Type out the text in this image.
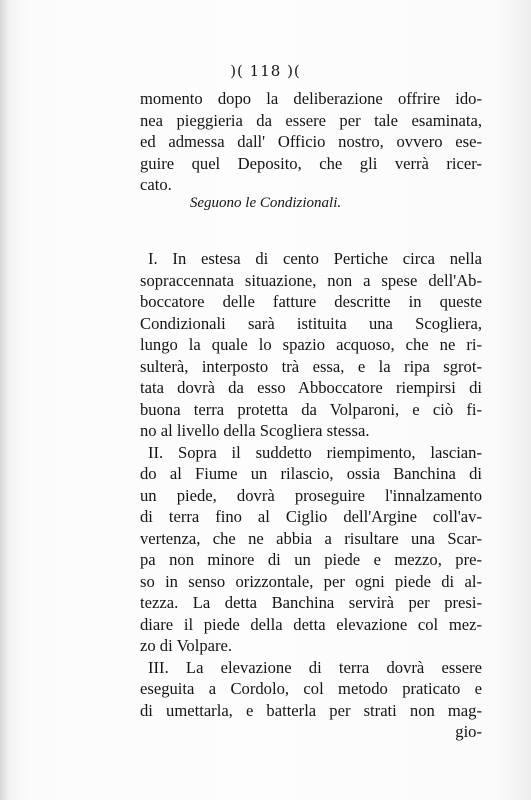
)( 118 )(
momento dopo la deliberazione offrire ido-
nea pieggieria da essere per tale esaminata,
ed admessa dall' Officio nostro, ovvero ese-
guire quel Deposito, che gli verrà ricer-
cato.
Seguono le Condizionali.
I. In estesa di cento Pertiche circa nella
sopraccennata situazione, non a spese dell'Ab-
boccatore delle fatture descritte in queste
Condizionali sarà istituita una Scogliera,
lungo la quale lo spazio acquoso, che ne ri-
sulterà, interposto trà essa, e la ripa sgrot-
tata dovrà da esso Abboccatore riempirsi di
buona terra protetta da Volparoni, e ciò fi-
no al livello della Scogliera stessa.
II. Sopra il suddetto riempimento, lascian-
do al Fiume un rilascio, ossia Banchina di
un piede, dovrà proseguire l'innalzamento
di terra fino al Ciglio dell'Argine coll'av-
vertenza, che ne abbia a risultare una Scar-
pa non minore di un piede e mezzo, pre-
so in senso orizzontale, per ogni piede di al-
tezza. La detta Banchina servirà per presi-
diare il piede della detta elevazione col mez-
zo di Volpare.
III. La elevazione di terra dovrà essere
eseguita a Cordolo, col metodo praticato e
di umettarla, e batterla per strati non mag-
gio-
